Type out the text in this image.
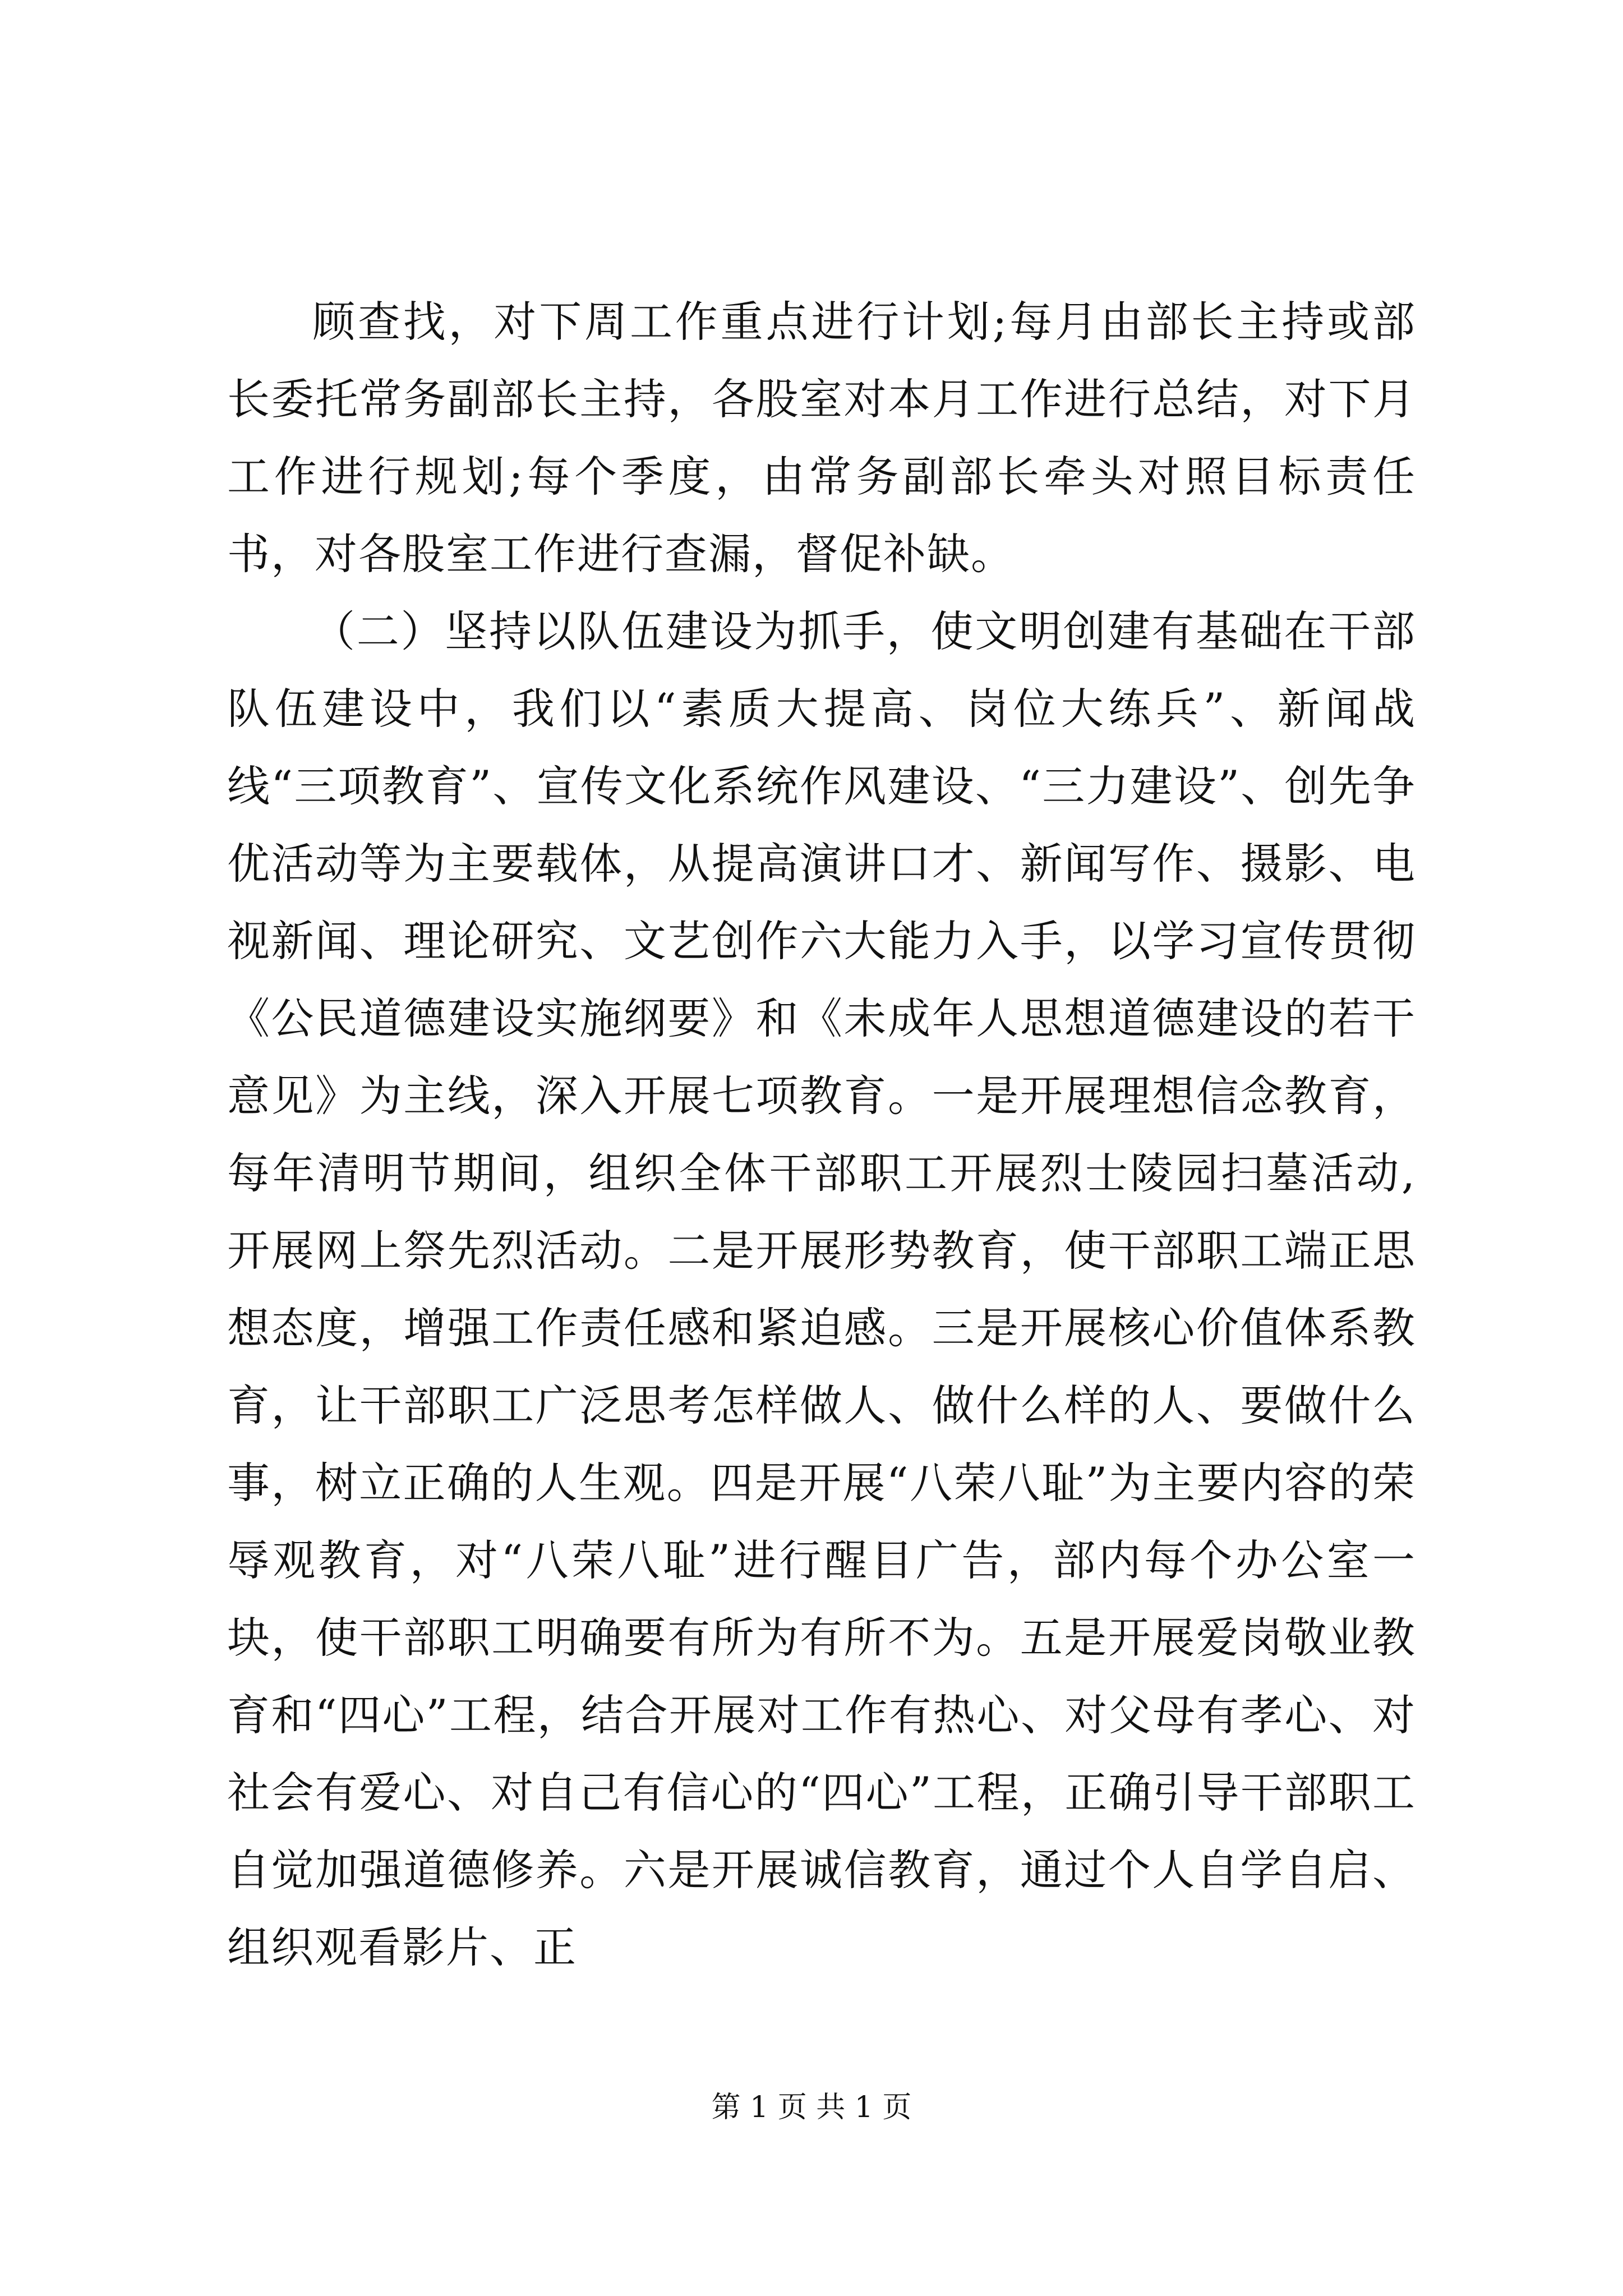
顾查找，对下周工作重点进行计划;每月由部长主持或部长委托常务副部长主持，各股室对本月工作进行总结，对下月工作进行规划;每个季度，由常务副部长牵头对照目标责任书，对各股室工作进行查漏，督促补缺。

（二）坚持以队伍建设为抓手，使文明创建有基础在干部队伍建设中，我们以“素质大提高、岗位大练兵”、新闻战线“三项教育”、宣传文化系统作风建设、“三力建设”、创先争优活动等为主要载体，从提高演讲口才、新闻写作、摄影、电视新闻、理论研究、文艺创作六大能力入手，以学习宣传贯彻《公民道德建设实施纲要》和《未成年人思想道德建设的若干意见》为主线，深入开展七项教育。一是开展理想信念教育，每年清明节期间，组织全体干部职工开展烈士陵园扫墓活动,开展网上祭先烈活动。二是开展形势教育，使干部职工端正思想态度，增强工作责任感和紧迫感。三是开展核心价值体系教育，让干部职工广泛思考怎样做人、做什么样的人、要做什么事，树立正确的人生观。四是开展“八荣八耻”为主要内容的荣辱观教育，对“八荣八耻”进行醒目广告，部内每个办公室一块，使干部职工明确要有所为有所不为。五是开展爱岗敬业教育和“四心”工程，结合开展对工作有热心、对父母有孝心、对社会有爱心、对自己有信心的“四心”工程，正确引导干部职工自觉加强道德修养。六是开展诚信教育，通过个人自学自启、组织观看影片、正

第 1 页 共 1 页
